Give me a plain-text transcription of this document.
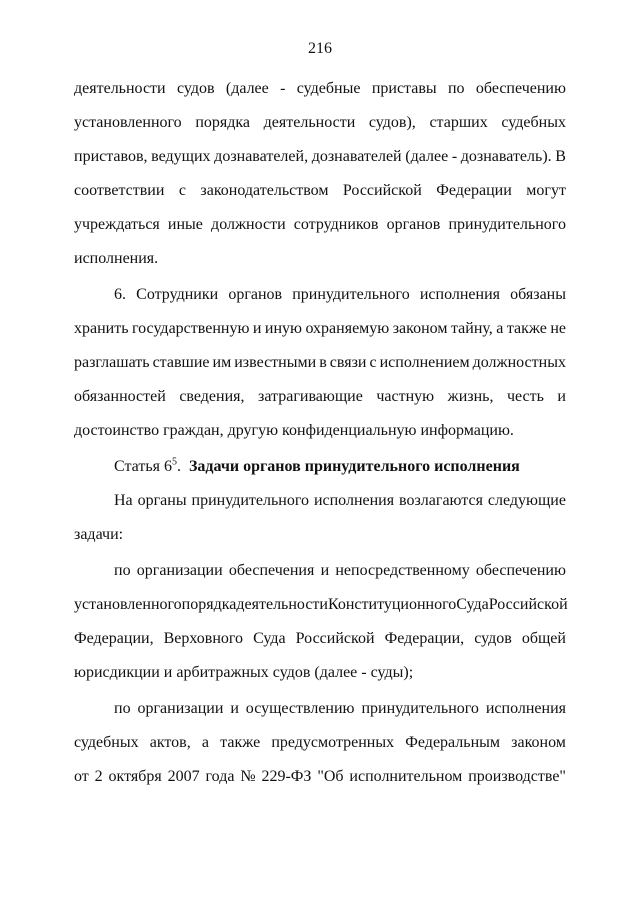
216
деятельности судов (далее - судебные приставы по обеспечению
установленного порядка деятельности судов), старших судебных
приставов, ведущих дознавателей, дознавателей (далее - дознаватель). В
соответствии с законодательством Российской Федерации могут
учреждаться иные должности сотрудников органов принудительного
исполнения.
6. Сотрудники органов принудительного исполнения обязаны
хранить государственную и иную охраняемую законом тайну, а также не
разглашать ставшие им известными в связи с исполнением должностных
обязанностей сведения, затрагивающие частную жизнь, честь и
достоинство граждан, другую конфиденциальную информацию.
Статья $6^5$. Задачи органов принудительного исполнения
На органы принудительного исполнения возлагаются следующие
задачи:
по организации обеспечения и непосредственному обеспечению
установленного порядка деятельности Конституционного Суда Российской
Федерации, Верховного Суда Российской Федерации, судов общей
юрисдикции и арбитражных судов (далее - суды);
по организации и осуществлению принудительного исполнения
судебных актов, а также предусмотренных Федеральным законом
от 2 октября 2007 года № 229-ФЗ "Об исполнительном производстве"
